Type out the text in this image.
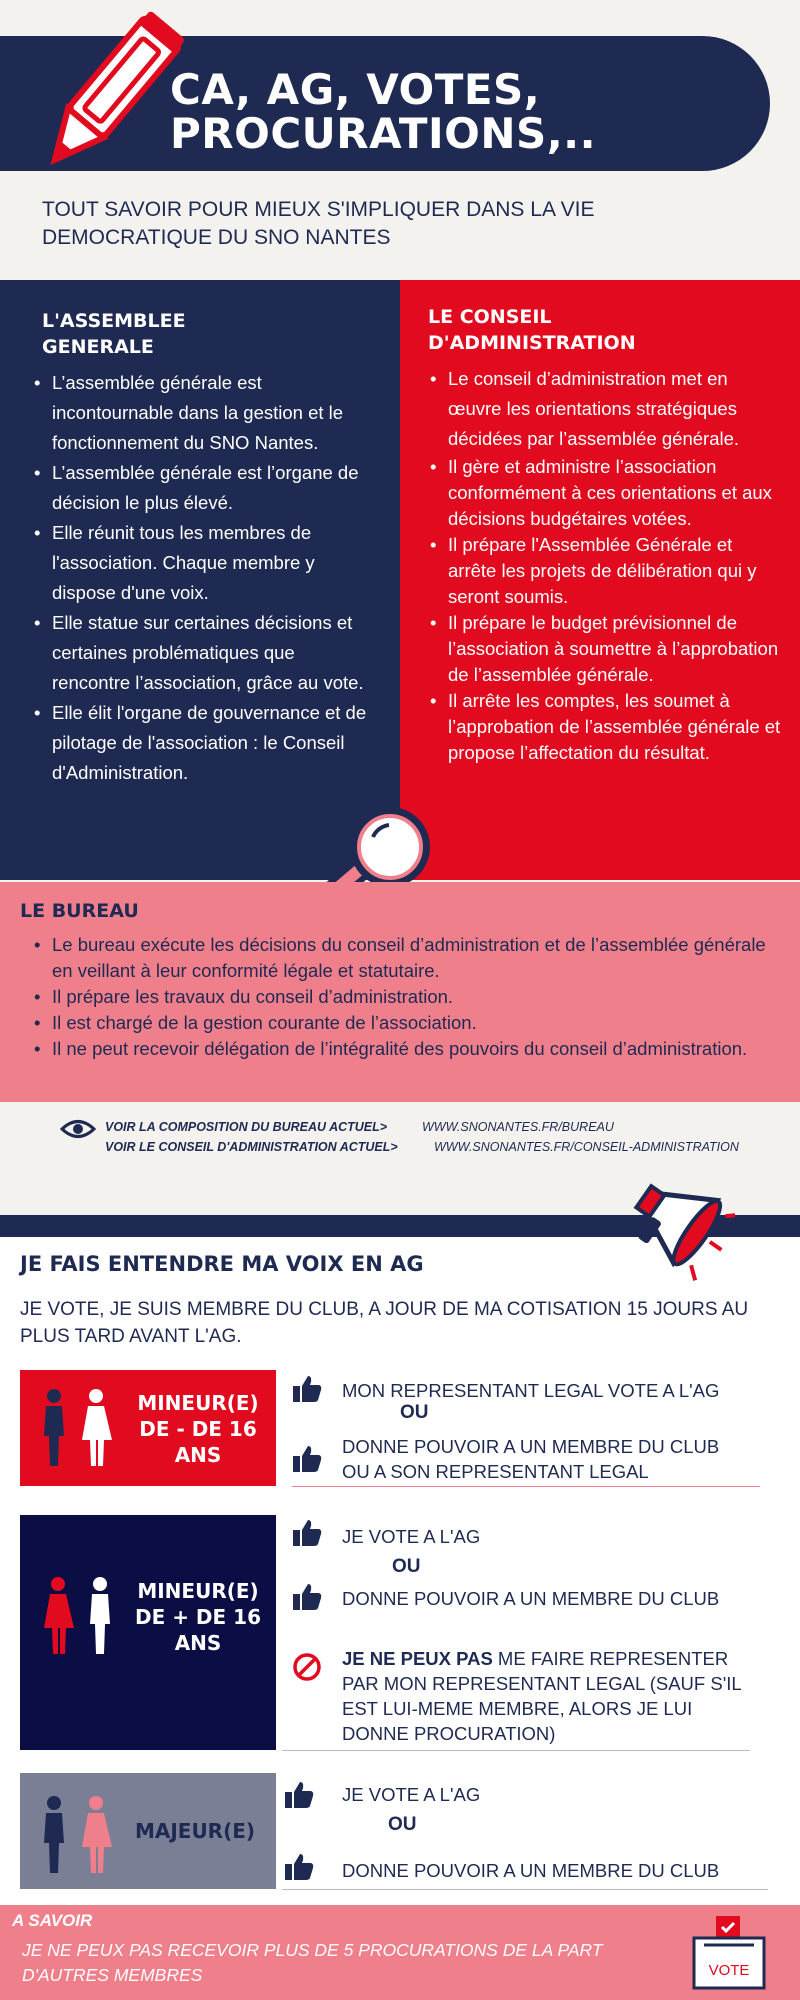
CA, AG, VOTES,
PROCURATIONS,..
TOUT SAVOIR POUR MIEUX S'IMPLIQUER DANS LA VIE
DEMOCRATIQUE DU SNO NANTES
L'ASSEMBLEE
GENERALE
• L’assemblée générale est incontournable dans la gestion et le fonctionnement du SNO Nantes.
• L’assemblée générale est l’organe de décision le plus élevé.
• Elle réunit tous les membres de l'association. Chaque membre y dispose d'une voix.
• Elle statue sur certaines décisions et certaines problématiques que rencontre l’association, grâce au vote.
• Elle élit l'organe de gouvernance et de pilotage de l'association : le Conseil d'Administration.
LE CONSEIL
D'ADMINISTRATION
• Le conseil d’administration met en œuvre les orientations stratégiques décidées par l’assemblée générale.
• Il gère et administre l’association conformément à ces orientations et aux décisions budgétaires votées.
• Il prépare l'Assemblée Générale et arrête les projets de délibération qui y seront soumis.
• Il prépare le budget prévisionnel de l’association à soumettre à l’approbation de l’assemblée générale.
• Il arrête les comptes, les soumet à l’approbation de l’assemblée générale et propose l’affectation du résultat.
LE BUREAU
• Le bureau exécute les décisions du conseil d’administration et de l’assemblée générale en veillant à leur conformité légale et statutaire.
• Il prépare les travaux du conseil d’administration.
• Il est chargé de la gestion courante de l’association.
• Il ne peut recevoir délégation de l’intégralité des pouvoirs du conseil d’administration.
VOIR LA COMPOSITION DU BUREAU ACTUEL>	WWW.SNONANTES.FR/BUREAU
VOIR LE CONSEIL D'ADMINISTRATION ACTUEL>	WWW.SNONANTES.FR/CONSEIL-ADMINISTRATION
JE FAIS ENTENDRE MA VOIX EN AG
JE VOTE, JE SUIS MEMBRE DU CLUB, A JOUR DE MA COTISATION 15 JOURS AU PLUS TARD AVANT L'AG.
MINEUR(E)
DE - DE 16
ANS
MON REPRESENTANT LEGAL VOTE A L'AG
OU
DONNE POUVOIR A UN MEMBRE DU CLUB
OU A SON REPRESENTANT LEGAL
MINEUR(E)
DE + DE 16
ANS
JE VOTE A L'AG
OU
DONNE POUVOIR A UN MEMBRE DU CLUB
JE NE PEUX PAS ME FAIRE REPRESENTER PAR MON REPRESENTANT LEGAL (SAUF S'IL EST LUI-MEME MEMBRE, ALORS JE LUI DONNE PROCURATION)
MAJEUR(E)
JE VOTE A L'AG
OU
DONNE POUVOIR A UN MEMBRE DU CLUB
A SAVOIR
JE NE PEUX PAS RECEVOIR PLUS DE 5 PROCURATIONS DE LA PART D'AUTRES MEMBRES	VOTE
